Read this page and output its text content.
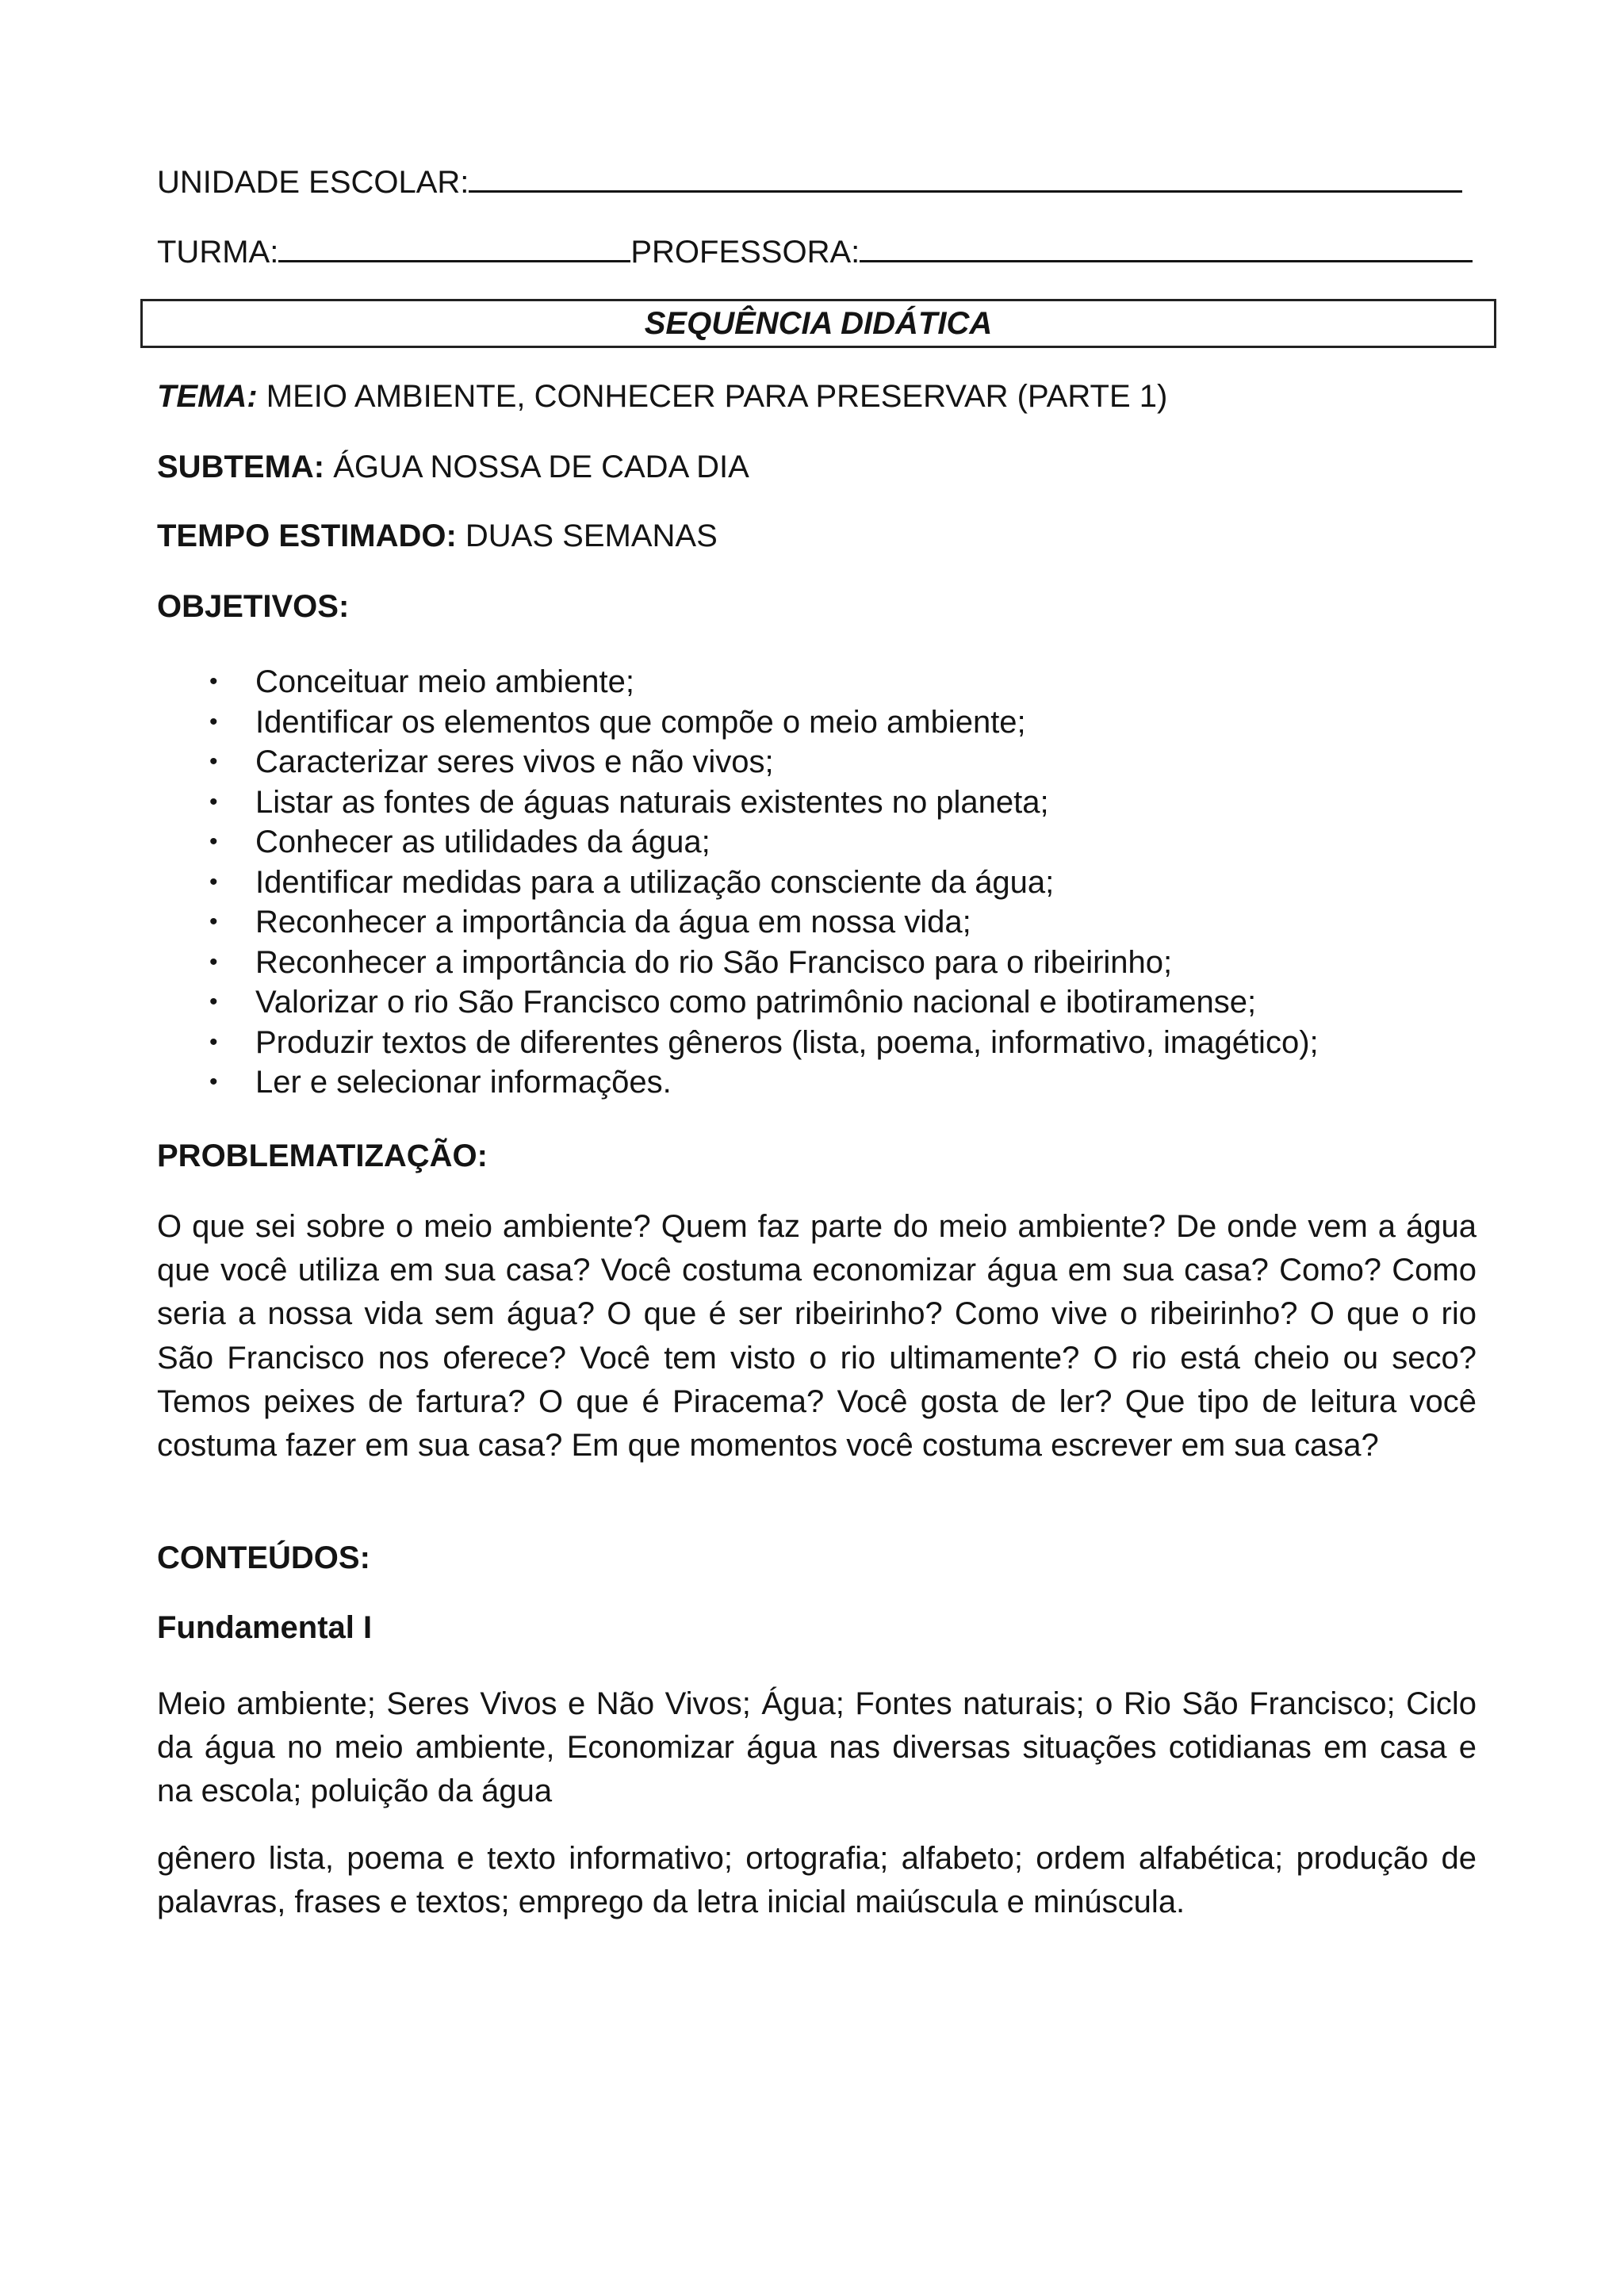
UNIDADE ESCOLAR:
TURMA:	PROFESSORA:
SEQUÊNCIA DIDÁTICA
TEMA: MEIO AMBIENTE, CONHECER PARA PRESERVAR (PARTE 1)
SUBTEMA: ÁGUA NOSSA DE CADA DIA
TEMPO ESTIMADO: DUAS SEMANAS
OBJETIVOS:
• Conceituar meio ambiente;
• Identificar os elementos que compõe o meio ambiente;
• Caracterizar seres vivos e não vivos;
• Listar as fontes de águas naturais existentes no planeta;
• Conhecer as utilidades da água;
• Identificar medidas para a utilização consciente da água;
• Reconhecer a importância da água em nossa vida;
• Reconhecer a importância do rio São Francisco para o ribeirinho;
• Valorizar o rio São Francisco como patrimônio nacional e ibotiramense;
• Produzir textos de diferentes gêneros (lista, poema, informativo, imagético);
• Ler e selecionar informações.
PROBLEMATIZAÇÃO:

O que sei sobre o meio ambiente? Quem faz parte do meio ambiente? De onde vem a água que você utiliza em sua casa? Você costuma economizar água em sua casa? Como? Como seria a nossa vida sem água? O que é ser ribeirinho? Como vive o ribeirinho? O que o rio São Francisco nos oferece? Você tem visto o rio ultimamente? O rio está cheio ou seco? Temos peixes de fartura? O que é Piracema? Você gosta de ler? Que tipo de leitura você costuma fazer em sua casa? Em que momentos você costuma escrever em sua casa?

CONTEÚDOS:
Fundamental I

Meio ambiente; Seres Vivos e Não Vivos; Água; Fontes naturais; o Rio São Francisco; Ciclo da água no meio ambiente, Economizar água nas diversas situações cotidianas em casa e na escola; poluição da água

gênero lista, poema e texto informativo; ortografia; alfabeto; ordem alfabética; produção de palavras, frases e textos; emprego da letra inicial maiúscula e minúscula.
